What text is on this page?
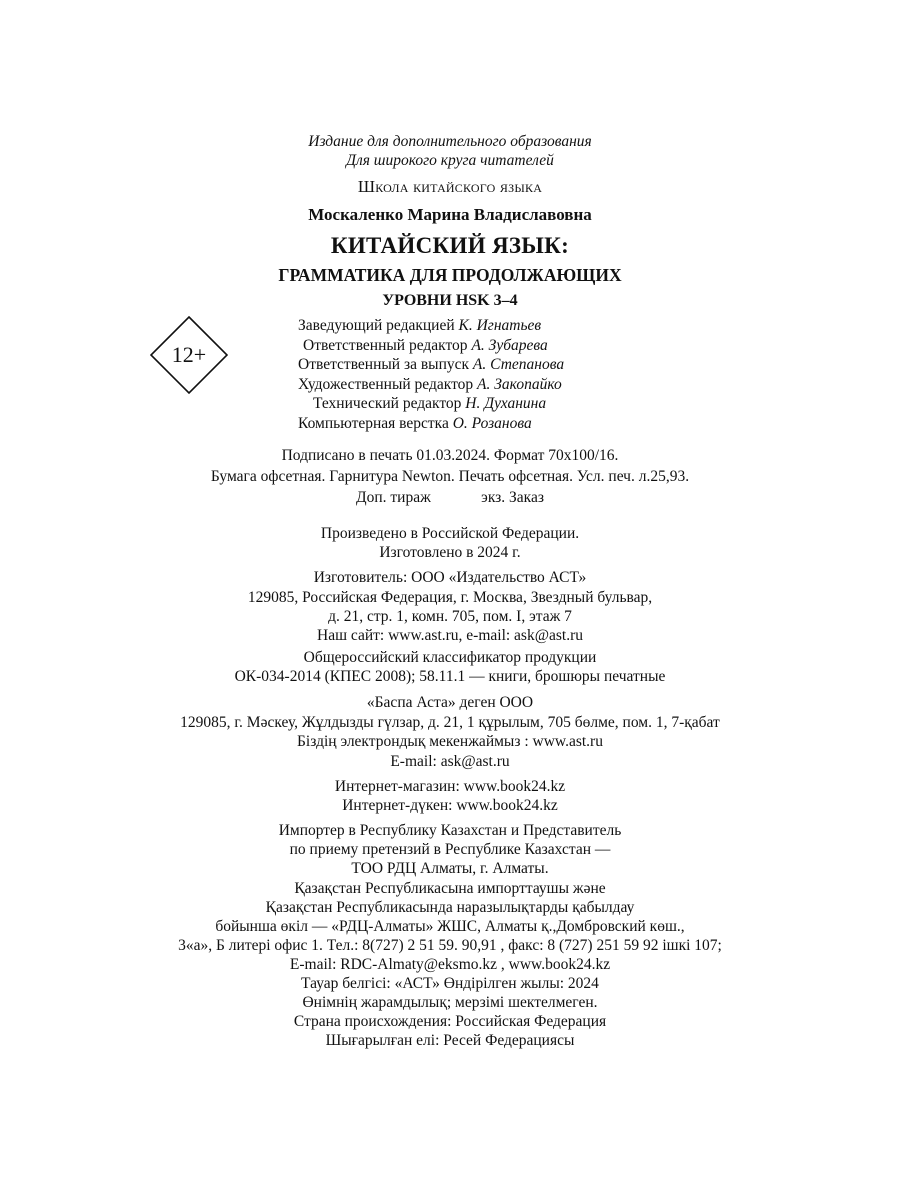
Издание для дополнительного образования
Для широкого круга читателей
Школа китайского языка
Москаленко Марина Владиславовна
КИТАЙСКИЙ ЯЗЫК:
ГРАММАТИКА ДЛЯ ПРОДОЛЖАЮЩИХ
УРОВНИ HSK 3–4
12+
Заведующий редакцией К. Игнатьев
Ответственный редактор А. Зубарева
Ответственный за выпуск А. Степанова
Художественный редактор А. Закопайко
Технический редактор Н. Духанина
Компьютерная верстка О. Розанова
Подписано в печать 01.03.2024. Формат 70x100/16.
Бумага офсетная. Гарнитура Newton. Печать офсетная. Усл. печ. л.25,93.
Доп. тираж             экз. Заказ
Произведено в Российской Федерации.
Изготовлено в 2024 г.
Изготовитель: ООО «Издательство АСТ»
129085, Российская Федерация, г. Москва, Звездный бульвар,
д. 21, стр. 1, комн. 705, пом. I, этаж 7
Наш сайт: www.ast.ru, e-mail: ask@ast.ru
Общероссийский классификатор продукции
ОК-034-2014 (КПЕС 2008); 58.11.1 — книги, брошюры печатные
«Баспа Аста» деген ООО
129085, г. Мәскеу, Жұлдызды гүлзар, д. 21, 1 құрылым, 705 бөлме, пом. 1, 7-қабат
Біздің электрондық мекенжаймыз : www.ast.ru
E-mail: ask@ast.ru
Интернет-магазин: www.book24.kz
Интернет-дүкен: www.book24.kz
Импортер в Республику Казахстан и Представитель
по приему претензий в Республике Казахстан —
ТОО РДЦ Алматы, г. Алматы.
Қазақстан Республикасына импорттаушы және
Қазақстан Республикасында наразылықтарды қабылдау
бойынша өкіл — «РДЦ-Алматы» ЖШС, Алматы қ.,Домбровский көш.,
3«а», Б литері офис 1. Тел.: 8(727) 2 51 59. 90,91 , факс: 8 (727) 251 59 92 ішкі 107;
E-mail: RDC-Almaty@eksmo.kz , www.book24.kz
Тауар белгісі: «АСТ» Өндірілген жылы: 2024
Өнімнің жарамдылық; мерзімі шектелмеген.
Страна происхождения: Российская Федерация
Шығарылған елі: Ресей Федерациясы
